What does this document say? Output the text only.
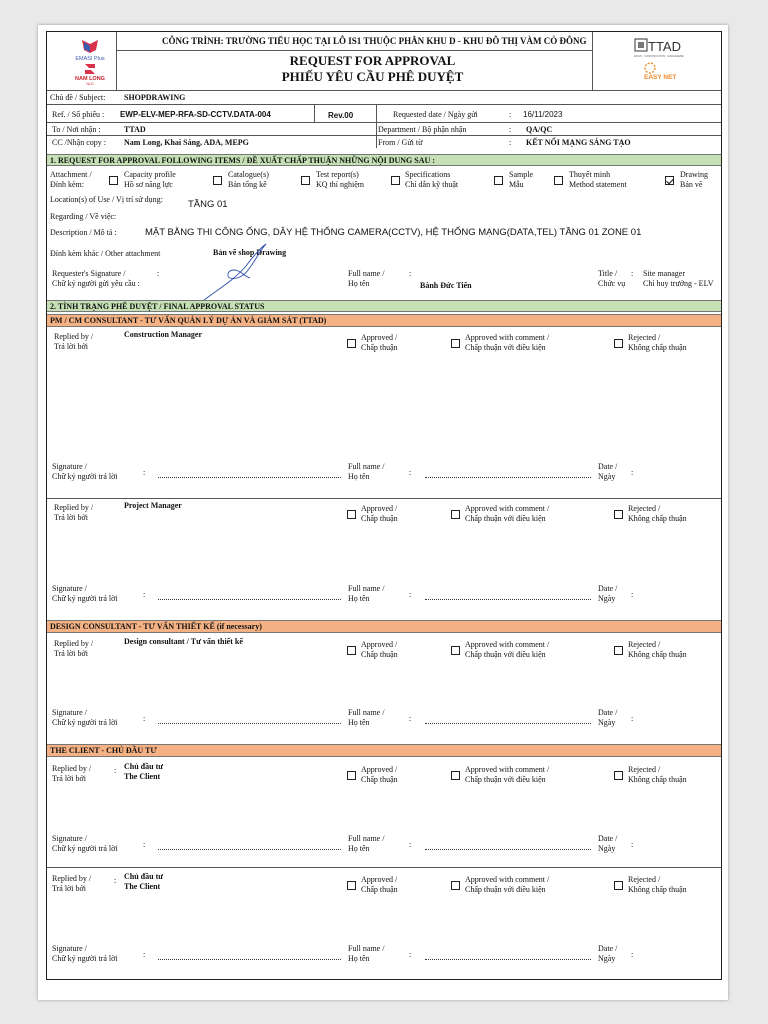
EMASI Plus
NAM LONG
NLG
CÔNG TRÌNH: TRƯỜNG TIỂU HỌC TẠI LÔ IS1 THUỘC PHÂN KHU D - KHU ĐÔ THỊ VÀM CỎ ĐÔNG
REQUEST FOR APPROVAL
PHIẾU YÊU CẦU PHÊ DUYỆT
TTAD
DESIGN · CONSTRUCTION · MANAGEMENT
EASY NET
Chủ đề / Subject: SHOPDRAWING
Ref. / Số phiếu : EWP-ELV-MEP-RFA-SD-CCTV.DATA-004	Rev.00	Requested date / Ngày gửi	: 16/11/2023
To / Nơi nhận :	TTAD	Department / Bộ phận nhận	: QA/QC
CC /Nhận copy : Nam Long, Khai Sáng, ADA, MEPG	From / Gửi từ	: KẾT NỐI MẠNG SÁNG TẠO
1. REQUEST FOR APPROVAL FOLLOWING ITEMS / ĐỀ XUẤT CHẤP THUẬN NHỮNG NỘI DUNG SAU :
Attachment /
Đính kèm:
Capacity profile
Hồ sơ năng lực
Catalogue(s)
Bản tổng kê
Test report(s)
KQ thí nghiệm
Specifications
Chỉ dẫn kỹ thuật
Sample
Mẫu
Thuyết minh
Method statement
Drawing
Bản vẽ
Location(s) of Use / Vị trí sử dụng:	TẦNG 01
Regarding / Về việc:
Description / Mô tả :	MẶT BẰNG THI CÔNG ỐNG, DÂY HỆ THỐNG CAMERA(CCTV), HỆ THỐNG MẠNG(DATA,TEL) TẦNG 01 ZONE 01
Đính kèm khác / Other attachment	Bản vẽ shop Drawing
Requester's Signature /
Chữ ký người gửi yêu cầu :
:	Full name /
Họ tên
:
Bành Đức Tiến
Title /
Chức vụ
: Site manager
Chỉ huy trưởng - ELV
2. TÌNH TRẠNG PHÊ DUYỆT / FINAL APPROVAL STATUS
PM / CM CONSULTANT - TƯ VẤN QUẢN LÝ DỰ ÁN VÀ GIÁM SÁT (TTAD)
DESIGN CONSULTANT - TƯ VẤN THIẾT KẾ (if necessary)
THE CLIENT - CHỦ ĐẦU TƯ
Replied by /
Trả lời bởi
Construction Manager	Approved /
Chấp thuận
Approved with comment /
Chấp thuận với điều kiện
Rejected /
Không chấp thuận
Signature /
Chữ ký người trả lời	:
Full name /
Họ tên	:
Date /
Ngày :
Replied by /
Trả lời bởi
Project Manager	Approved /
Chấp thuận
Approved with comment /
Chấp thuận với điều kiện
Rejected /
Không chấp thuận
Signature /
Chữ ký người trả lời	:
Full name /
Họ tên	:
Date /
Ngày :
Replied by /
Trả lời bởi
Design consultant / Tư vấn thiết kế	Approved /
Chấp thuận
Approved with comment /
Chấp thuận với điều kiện
Rejected /
Không chấp thuận
Signature /
Chữ ký người trả lời	:
Full name /
Họ tên	:
Date /
Ngày :
Replied by /
Trả lời bởi
: Chủ đầu tư
The Client
Approved /
Chấp thuận
Approved with comment /
Chấp thuận với điều kiện
Rejected /
Không chấp thuận
Signature /
Chữ ký người trả lời	:
Full name /
Họ tên	:
Date /
Ngày :
Replied by /
Trả lời bởi
: Chủ đầu tư
The Client
Approved /
Chấp thuận
Approved with comment /
Chấp thuận với điều kiện
Rejected /
Không chấp thuận
Signature /
Chữ ký người trả lời	:
Full name /
Họ tên	:
Date /
Ngày :
